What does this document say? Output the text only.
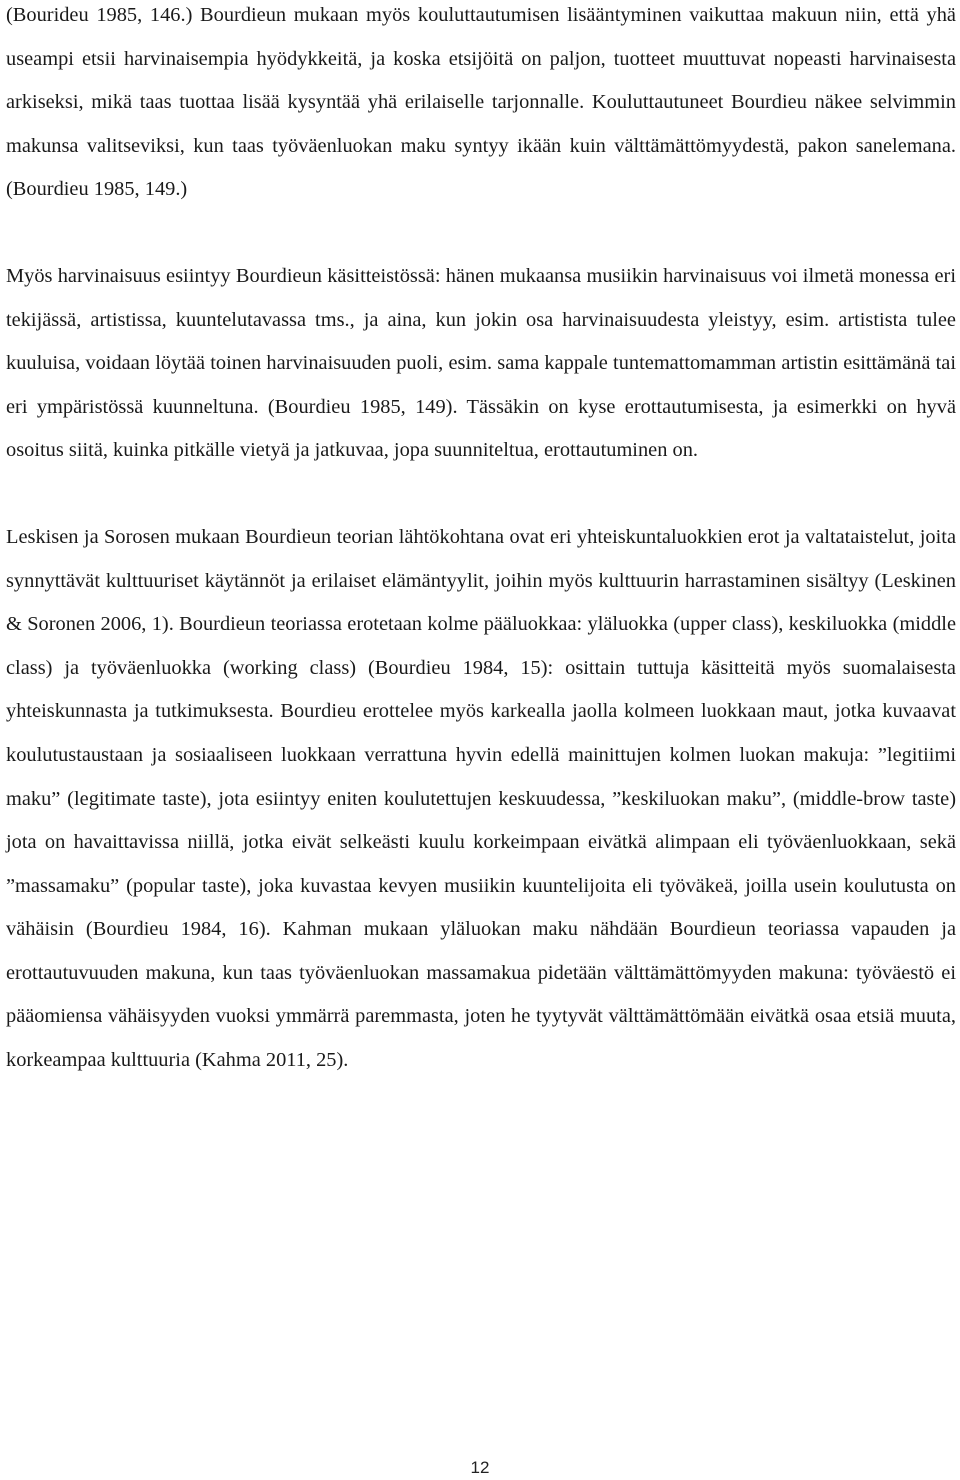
(Bourideu 1985, 146.) Bourdieun mukaan myös kouluttautumisen lisääntyminen vaikuttaa makuun niin, että yhä useampi etsii harvinaisempia hyödykkeitä, ja koska etsijöitä on paljon, tuotteet muuttuvat nopeasti harvinaisesta arkiseksi, mikä taas tuottaa lisää kysyntää yhä erilaiselle tarjonnalle. Kouluttautuneet Bourdieu näkee selvimmin makunsa valitseviksi, kun taas työväenluokan maku syntyy ikään kuin välttämättömyydestä, pakon sanelemana. (Bourdieu 1985, 149.)

Myös harvinaisuus esiintyy Bourdieun käsitteistössä: hänen mukaansa musiikin harvinaisuus voi ilmetä monessa eri tekijässä, artistissa, kuuntelutavassa tms., ja aina, kun jokin osa harvinaisuudesta yleistyy, esim. artistista tulee kuuluisa, voidaan löytää toinen harvinaisuuden puoli, esim. sama kappale tuntemattomamman artistin esittämänä tai eri ympäristössä kuunneltuna. (Bourdieu 1985, 149). Tässäkin on kyse erottautumisesta, ja esimerkki on hyvä osoitus siitä, kuinka pitkälle vietyä ja jatkuvaa, jopa suunniteltua, erottautuminen on.

Leskisen ja Sorosen mukaan Bourdieun teorian lähtökohtana ovat eri yhteiskuntaluokkien erot ja valtataistelut, joita synnyttävät kulttuuriset käytännöt ja erilaiset elämäntyylit, joihin myös kulttuurin harrastaminen sisältyy (Leskinen & Soronen 2006, 1). Bourdieun teoriassa erotetaan kolme pääluokkaa: yläluokka (upper class), keskiluokka (middle class) ja työväenluokka (working class) (Bourdieu 1984, 15): osittain tuttuja käsitteitä myös suomalaisesta yhteiskunnasta ja tutkimuksesta. Bourdieu erottelee myös karkealla jaolla kolmeen luokkaan maut, jotka kuvaavat koulutustaustaan ja sosiaaliseen luokkaan verrattuna hyvin edellä mainittujen kolmen luokan makuja: ”legitiimi maku” (legitimate taste), jota esiintyy eniten koulutettujen keskuudessa, ”keskiluokan maku”, (middle-brow taste) jota on havaittavissa niillä, jotka eivät selkeästi kuulu korkeimpaan eivätkä alimpaan eli työväenluokkaan, sekä ”massamaku” (popular taste), joka kuvastaa kevyen musiikin kuuntelijoita eli työväkeä, joilla usein koulutusta on vähäisin (Bourdieu 1984, 16). Kahman mukaan yläluokan maku nähdään Bourdieun teoriassa vapauden ja erottautuvuuden makuna, kun taas työväenluokan massamakua pidetään välttämättömyyden makuna: työväestö ei pääomiensa vähäisyyden vuoksi ymmärrä paremmasta, joten he tyytyvät välttämättömään eivätkä osaa etsiä muuta, korkeampaa kulttuuria (Kahma 2011, 25).

12
